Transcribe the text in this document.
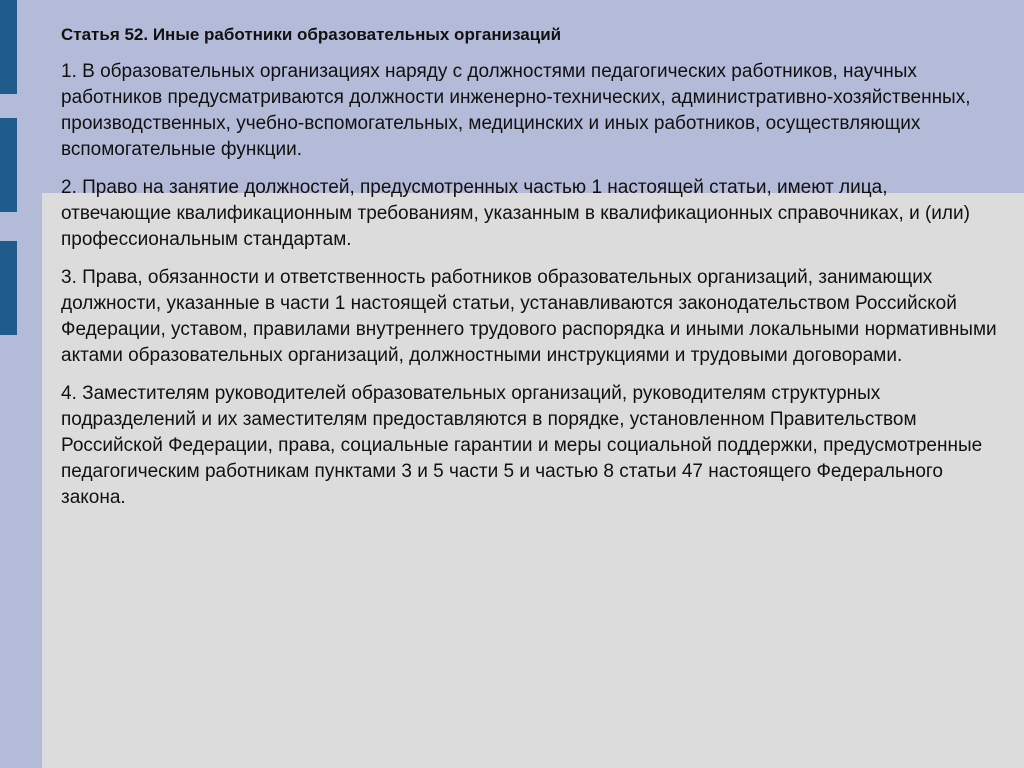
Статья 52. Иные работники образовательных организаций

1. В образовательных организациях наряду с должностями педагогических работников, научных работников предусматриваются должности инженерно-технических, административно-хозяйственных, производственных, учебно-вспомогательных, медицинских и иных работников, осуществляющих вспомогательные функции.

2. Право на занятие должностей, предусмотренных частью 1 настоящей статьи, имеют лица, отвечающие квалификационным требованиям, указанным в квалификационных справочниках, и (или) профессиональным стандартам.

3. Права, обязанности и ответственность работников образовательных организаций, занимающих должности, указанные в части 1 настоящей статьи, устанавливаются законодательством Российской Федерации, уставом, правилами внутреннего трудового распорядка и иными локальными нормативными актами образовательных организаций, должностными инструкциями и трудовыми договорами.

4. Заместителям руководителей образовательных организаций, руководителям структурных подразделений и их заместителям предоставляются в порядке, установленном Правительством Российской Федерации, права, социальные гарантии и меры социальной поддержки, предусмотренные педагогическим работникам пунктами 3 и 5 части 5 и частью 8 статьи 47 настоящего Федерального закона.
